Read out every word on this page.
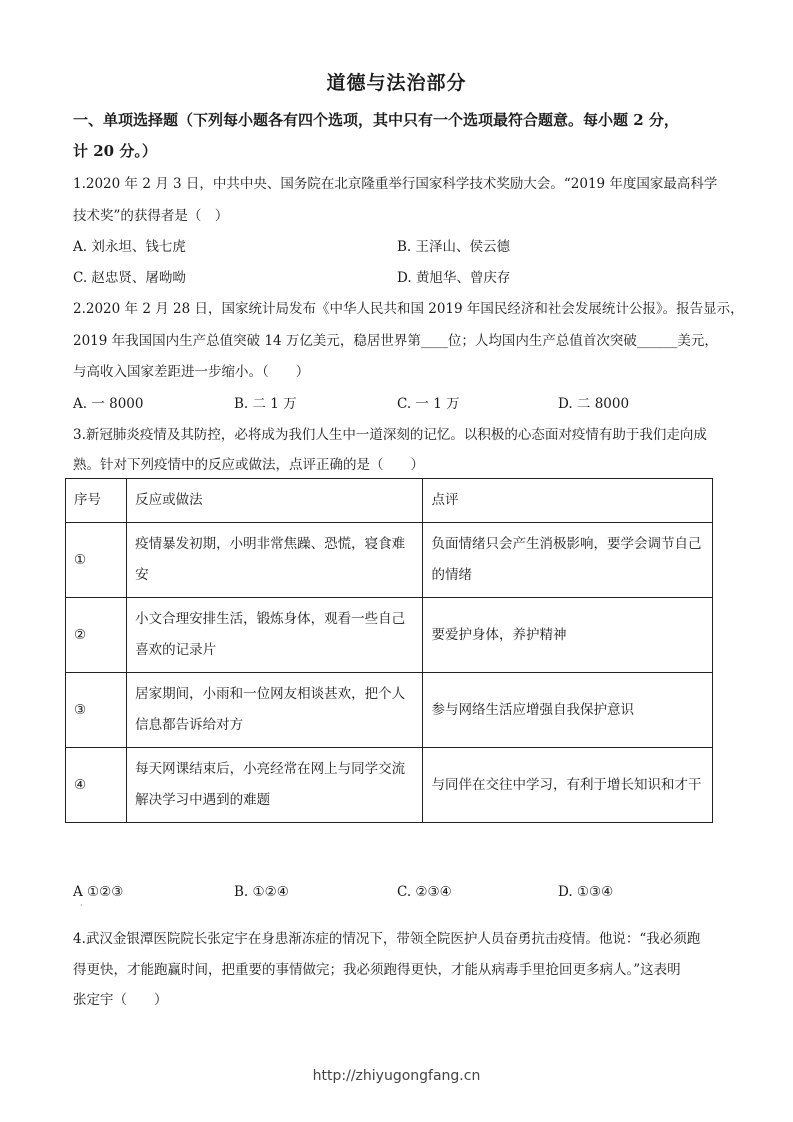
道德与法治部分
一、单项选择题（下列每小题各有四个选项，其中只有一个选项最符合题意。每小题 2 分，
计 20 分。）
1.2020 年 2 月 3 日，中共中央、国务院在北京隆重举行国家科学技术奖励大会。“2019 年度国家最高科学
技术奖”的获得者是（　）
A. 刘永坦、钱七虎	B. 王泽山、侯云德
C. 赵忠贤、屠呦呦	D. 黄旭华、曾庆存
2.2020 年 2 月 28 日，国家统计局发布《中华人民共和国 2019 年国民经济和社会发展统计公报》。报告显示，
2019 年我国国内生产总值突破 14 万亿美元，稳居世界第____位；人均国内生产总值首次突破______美元，
与高收入国家差距进一步缩小。（　　）
A. 一 8000	B. 二 1 万	C. 一 1 万	D. 二 8000
3.新冠肺炎疫情及其防控，必将成为我们人生中一道深刻的记忆。以积极的心态面对疫情有助于我们走向成
熟。针对下列疫情中的反应或做法，点评正确的是（　　）
序号	反应或做法	点评
①	疫情暴发初期，小明非常焦躁、恐慌，寝食难安	负面情绪只会产生消极影响，要学会调节自己的情绪
②	小文合理安排生活，锻炼身体，观看一些自己喜欢的记录片	要爱护身体，养护精神
③	居家期间，小雨和一位网友相谈甚欢，把个人信息都告诉给对方	参与网络生活应增强自我保护意识
④	每天网课结束后，小亮经常在网上与同学交流解决学习中遇到的难题	与同伴在交往中学习，有利于增长知识和才干
A ①②③	B. ①②④	C. ②③④	D. ①③④
·
4.武汉金银潭医院院长张定宇在身患渐冻症的情况下，带领全院医护人员奋勇抗击疫情。他说：“我必须跑
得更快，才能跑赢时间，把重要的事情做完；我必须跑得更快，才能从病毒手里抢回更多病人。”这表明
张定宇（　　）
http://zhiyugongfang.cn
